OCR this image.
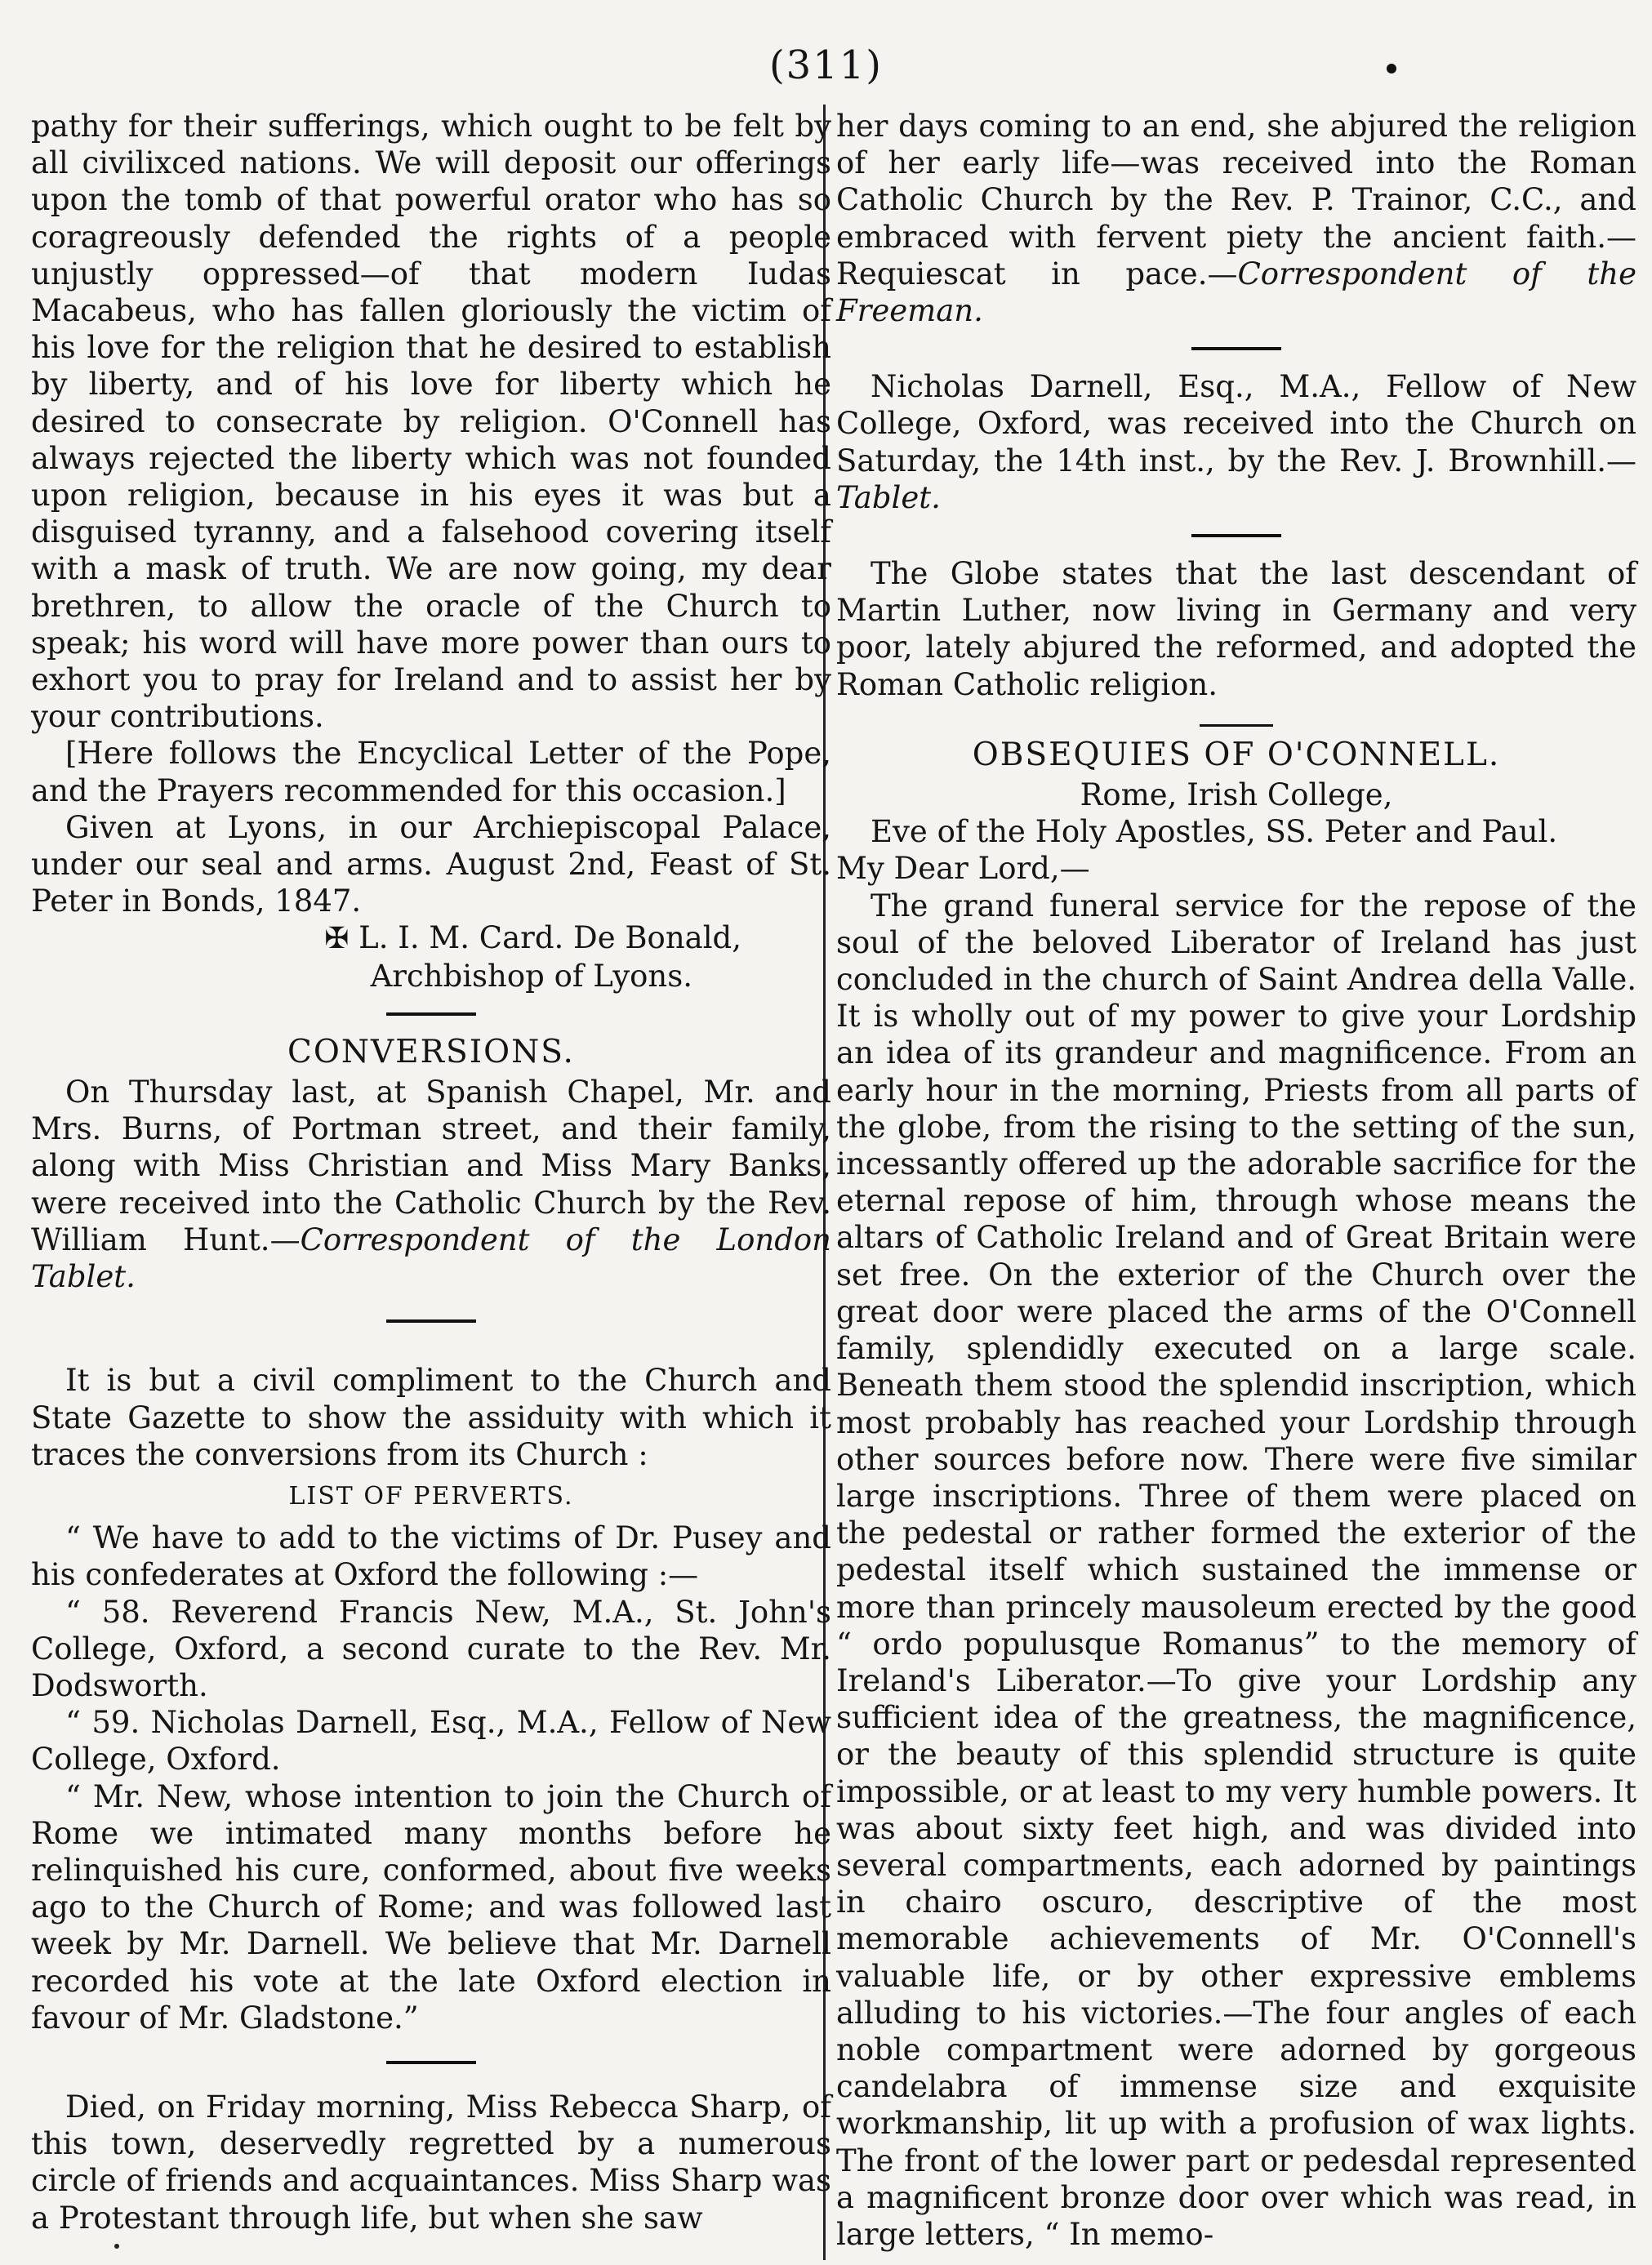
(311)

pathy for their sufferings, which ought to be felt by all civilixced nations. We will deposit our offerings upon the tomb of that powerful orator who has so coragreously defended the rights of a people unjustly oppressed—of that modern Iudas Macabeus, who has fallen gloriously the victim of his love for the religion that he desired to establish by liberty, and of his love for liberty which he desired to consecrate by religion. O'Connell has always rejected the liberty which was not founded upon religion, because in his eyes it was but a disguised tyranny, and a falsehood covering itself with a mask of truth. We are now going, my dear brethren, to allow the oracle of the Church to speak; his word will have more power than ours to exhort you to pray for Ireland and to assist her by your contributions.

[Here follows the Encyclical Letter of the Pope, and the Prayers recommended for this occasion.]

Given at Lyons, in our Archiepiscopal Palace, under our seal and arms. August 2nd, Feast of St. Peter in Bonds, 1847.

✠ L. I. M. Card. De Bonald,

Archbishop of Lyons.

CONVERSIONS.

On Thursday last, at Spanish Chapel, Mr. and Mrs. Burns, of Portman street, and their family, along with Miss Christian and Miss Mary Banks, were received into the Catholic Church by the Rev. William Hunt.—Correspondent of the London Tablet.

It is but a civil compliment to the Church and State Gazette to show the assiduity with which it traces the conversions from its Church :

LIST OF PERVERTS.

“ We have to add to the victims of Dr. Pusey and his confederates at Oxford the following :—

“ 58. Reverend Francis New, M.A., St. John's College, Oxford, a second curate to the Rev. Mr. Dodsworth.

“ 59. Nicholas Darnell, Esq., M.A., Fellow of New College, Oxford.

“ Mr. New, whose intention to join the Church of Rome we intimated many months before he relinquished his cure, conformed, about five weeks ago to the Church of Rome; and was followed last week by Mr. Darnell. We believe that Mr. Darnell recorded his vote at the late Oxford election in favour of Mr. Gladstone.”

Died, on Friday morning, Miss Rebecca Sharp, of this town, deservedly regretted by a numerous circle of friends and acquaintances. Miss Sharp was a Protestant through life, but when she saw

her days coming to an end, she abjured the religion of her early life—was received into the Roman Catholic Church by the Rev. P. Trainor, C.C., and embraced with fervent piety the ancient faith.—Requiescat in pace.—Correspondent of the Freeman.

Nicholas Darnell, Esq., M.A., Fellow of New College, Oxford, was received into the Church on Saturday, the 14th inst., by the Rev. J. Brownhill.—Tablet.

The Globe states that the last descendant of Martin Luther, now living in Germany and very poor, lately abjured the reformed, and adopted the Roman Catholic religion.

OBSEQUIES OF O'CONNELL.
Rome, Irish College,

Eve of the Holy Apostles, SS. Peter and Paul.

My Dear Lord,—

The grand funeral service for the repose of the soul of the beloved Liberator of Ireland has just concluded in the church of Saint Andrea della Valle. It is wholly out of my power to give your Lordship an idea of its grandeur and magnificence. From an early hour in the morning, Priests from all parts of the globe, from the rising to the setting of the sun, incessantly offered up the adorable sacrifice for the eternal repose of him, through whose means the altars of Catholic Ireland and of Great Britain were set free. On the exterior of the Church over the great door were placed the arms of the O'Connell family, splendidly executed on a large scale. Beneath them stood the splendid inscription, which most probably has reached your Lordship through other sources before now. There were five similar large inscriptions. Three of them were placed on the pedestal or rather formed the exterior of the pedestal itself which sustained the immense or more than princely mausoleum erected by the good “ ordo populusque Romanus” to the memory of Ireland's Liberator.—To give your Lordship any sufficient idea of the greatness, the magnificence, or the beauty of this splendid structure is quite impossible, or at least to my very humble powers. It was about sixty feet high, and was divided into several compartments, each adorned by paintings in chairo oscuro, descriptive of the most memorable achievements of Mr. O'Connell's valuable life, or by other expressive emblems alluding to his victories.—The four angles of each noble compartment were adorned by gorgeous candelabra of immense size and exquisite workmanship, lit up with a profusion of wax lights. The front of the lower part or pedesdal represented a magnificent bronze door over which was read, in large letters, “ In memo-
